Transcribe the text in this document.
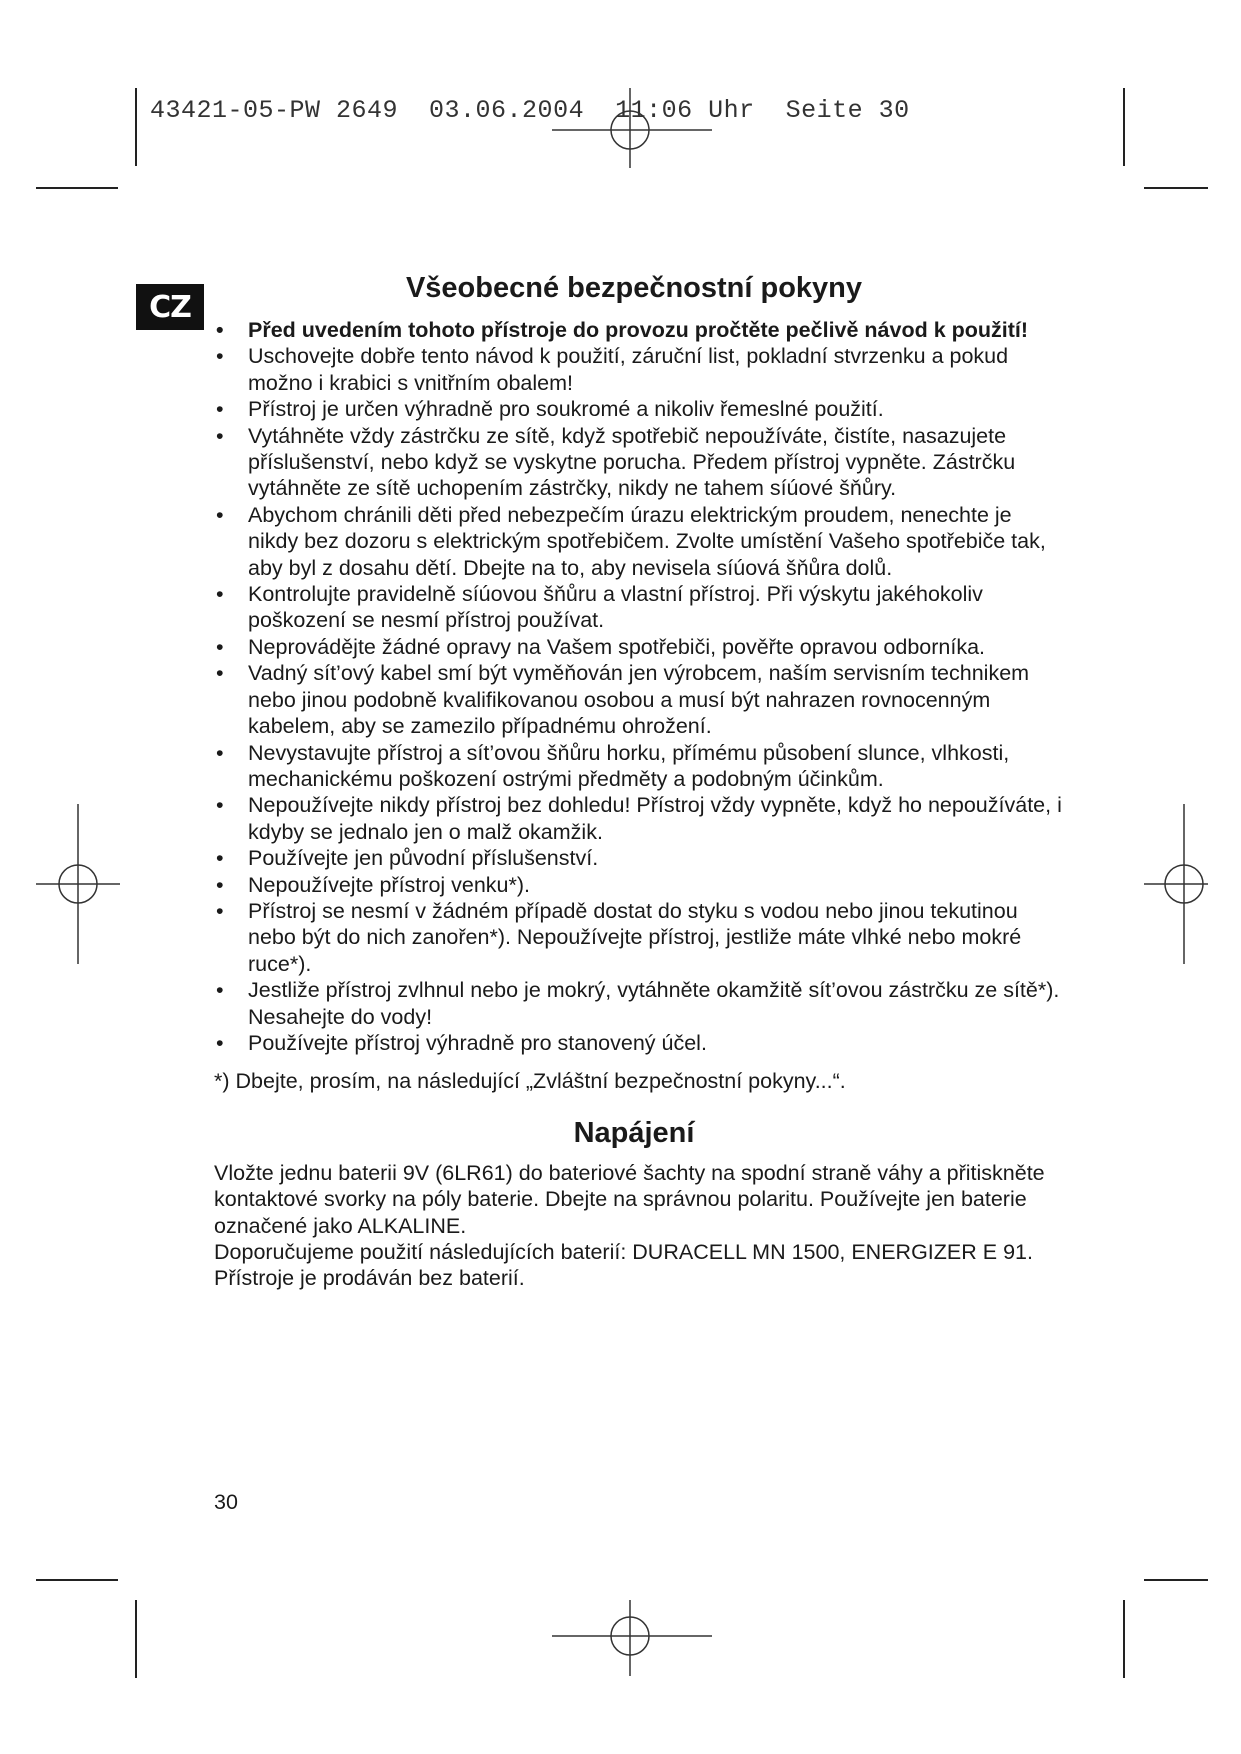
43421-05-PW 2649  03.06.2004  11:06 Uhr  Seite 30
CZ
Všeobecné bezpečnostní pokyny
• Před uvedením tohoto přístroje do provozu pročtěte pečlivě návod k použití!
• Uschovejte dobře tento návod k použití, záruční list, pokladní stvrzenku a pokud možno i krabici s vnitřním obalem!
• Přístroj je určen výhradně pro soukromé a nikoliv řemeslné použití.
• Vytáhněte vždy zástrčku ze sítě, když spotřebič nepoužíváte, čistíte, nasazujete příslušenství, nebo když se vyskytne porucha. Předem přístroj vypněte. Zástrčku vytáhněte ze sítě uchopením zástrčky, nikdy ne tahem síúové šňůry.
• Abychom chránili děti před nebezpečím úrazu elektrickým proudem, nenechte je nikdy bez dozoru s elektrickým spotřebičem. Zvolte umístění Vašeho spotřebiče tak, aby byl z dosahu dětí. Dbejte na to, aby nevisela síúová šňůra dolů.
• Kontrolujte pravidelně síúovou šňůru a vlastní přístroj. Při výskytu jakéhokoliv poškození se nesmí přístroj používat.
• Neprovádějte žádné opravy na Vašem spotřebiči, pověřte opravou odborníka.
• Vadný sít’ový kabel smí být vyměňován jen výrobcem, naším servisním technikem nebo jinou podobně kvalifikovanou osobou a musí být nahrazen rovnocenným kabelem, aby se zamezilo případnému ohrožení.
• Nevystavujte přístroj a sít’ovou šňůru horku, přímému působení slunce, vlhkosti, mechanickému poškození ostrými předměty a podobným účinkům.
• Nepoužívejte nikdy přístroj bez dohledu! Přístroj vždy vypněte, když ho nepoužíváte, i kdyby se jednalo jen o malž okamžik.
• Používejte jen původní příslušenství.
• Nepoužívejte přístroj venku*).
• Přístroj se nesmí v žádném případě dostat do styku s vodou nebo jinou tekutinou nebo být do nich zanořen*). Nepoužívejte přístroj, jestliže máte vlhké nebo mokré ruce*).
• Jestliže přístroj zvlhnul nebo je mokrý, vytáhněte okamžitě sít’ovou zástrčku ze sítě*). Nesahejte do vody!
• Používejte přístroj výhradně pro stanovený účel.
*) Dbejte, prosím, na následující „Zvláštní bezpečnostní pokyny...“.
Napájení
Vložte jednu baterii 9V (6LR61) do bateriové šachty na spodní straně váhy a přitiskněte kontaktové svorky na póly baterie. Dbejte na správnou polaritu. Používejte jen baterie označené jako ALKALINE.
Doporučujeme použití následujících baterií: DURACELL MN 1500, ENERGIZER E 91. Přístroje je prodáván bez baterií.
30
